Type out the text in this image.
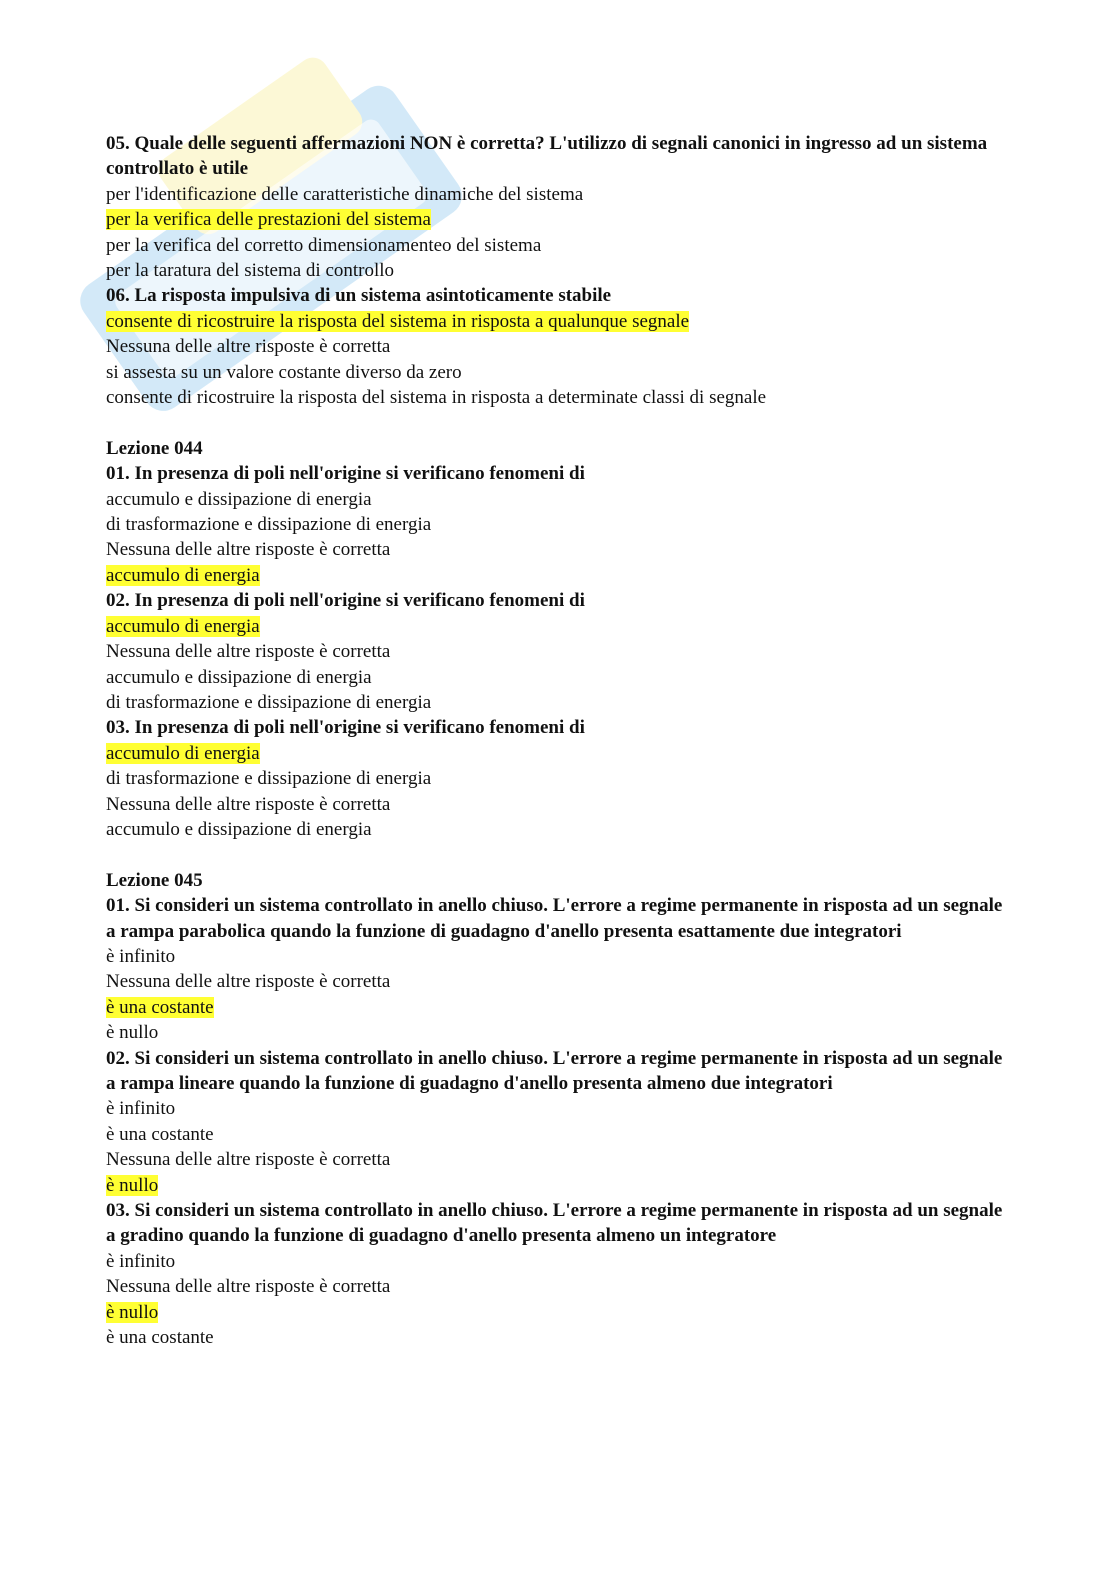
05. Quale delle seguenti affermazioni NON è corretta? L'utilizzo di segnali canonici in ingresso ad un sistema controllato è utile
per l'identificazione delle caratteristiche dinamiche del sistema
per la verifica delle prestazioni del sistema
per la verifica del corretto dimensionamenteo del sistema
per la taratura del sistema di controllo
06. La risposta impulsiva di un sistema asintoticamente stabile
consente di ricostruire la risposta del sistema in risposta a qualunque segnale
Nessuna delle altre risposte è corretta
si assesta su un valore costante diverso da zero
consente di ricostruire la risposta del sistema in risposta a determinate classi di segnale
Lezione 044
01. In presenza di poli nell'origine si verificano fenomeni di
accumulo e dissipazione di energia
di trasformazione e dissipazione di energia
Nessuna delle altre risposte è corretta
accumulo di energia
02. In presenza di poli nell'origine si verificano fenomeni di
accumulo di energia
Nessuna delle altre risposte è corretta
accumulo e dissipazione di energia
di trasformazione e dissipazione di energia
03. In presenza di poli nell'origine si verificano fenomeni di
accumulo di energia
di trasformazione e dissipazione di energia
Nessuna delle altre risposte è corretta
accumulo e dissipazione di energia
Lezione 045
01. Si consideri un sistema controllato in anello chiuso. L'errore a regime permanente in risposta ad un segnale a rampa parabolica quando la funzione di guadagno d'anello presenta esattamente due integratori
è infinito
Nessuna delle altre risposte è corretta
è una costante
è nullo
02. Si consideri un sistema controllato in anello chiuso. L'errore a regime permanente in risposta ad un segnale a rampa lineare quando la funzione di guadagno d'anello presenta almeno due integratori
è infinito
è una costante
Nessuna delle altre risposte è corretta
è nullo
03. Si consideri un sistema controllato in anello chiuso. L'errore a regime permanente in risposta ad un segnale a gradino quando la funzione di guadagno d'anello presenta almeno un integratore
è infinito
Nessuna delle altre risposte è corretta
è nullo
è una costante
